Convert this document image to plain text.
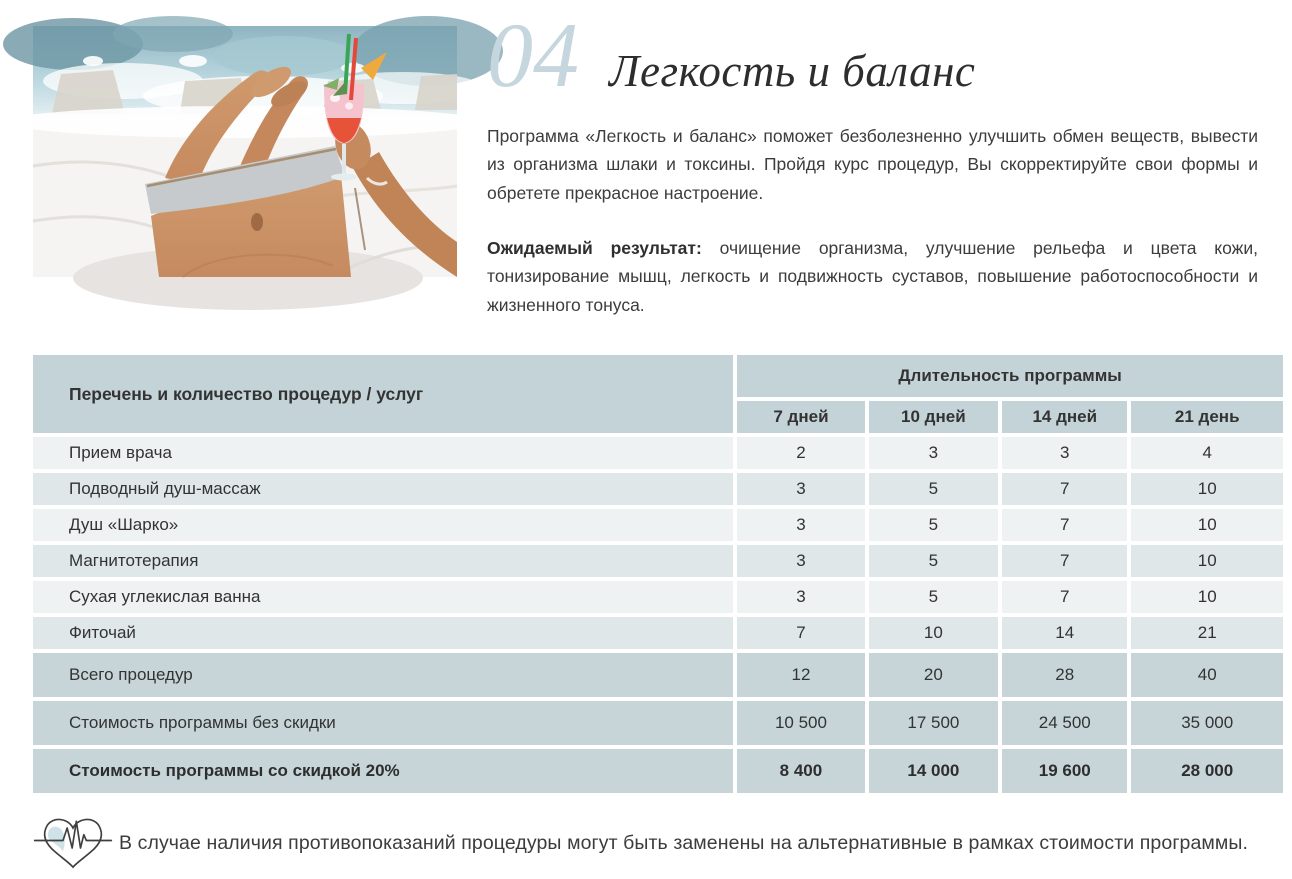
04 Легкость и баланс

Программа «Легкость и баланс» поможет безболезненно улучшить обмен веществ, вывести из организма шлаки и токсины. Пройдя курс процедур, Вы скорректируйте свои формы и обретете прекрасное настроение.

Ожидаемый результат: очищение организма, улучшение рельефа и цвета кожи, тонизирование мышц, легкость и подвижность суставов, повышение работоспособности и жизненного тонуса.

Перечень и количество процедур / услуг	Длительность программы			
	7 дней	10 дней	14 дней	21 день
Прием врача	2	3	3	4
Подводный душ-массаж	3	5	7	10
Душ «Шарко»	3	5	7	10
Магнитотерапия	3	5	7	10
Сухая углекислая ванна	3	5	7	10
Фиточай	7	10	14	21
Всего процедур	12	20	28	40
Стоимость программы без скидки	10 500	17 500	24 500	35 000
Стоимость программы со скидкой 20%	8 400	14 000	19 600	28 000

В случае наличия противопоказаний процедуры могут быть заменены на альтернативные в рамках стоимости программы.
